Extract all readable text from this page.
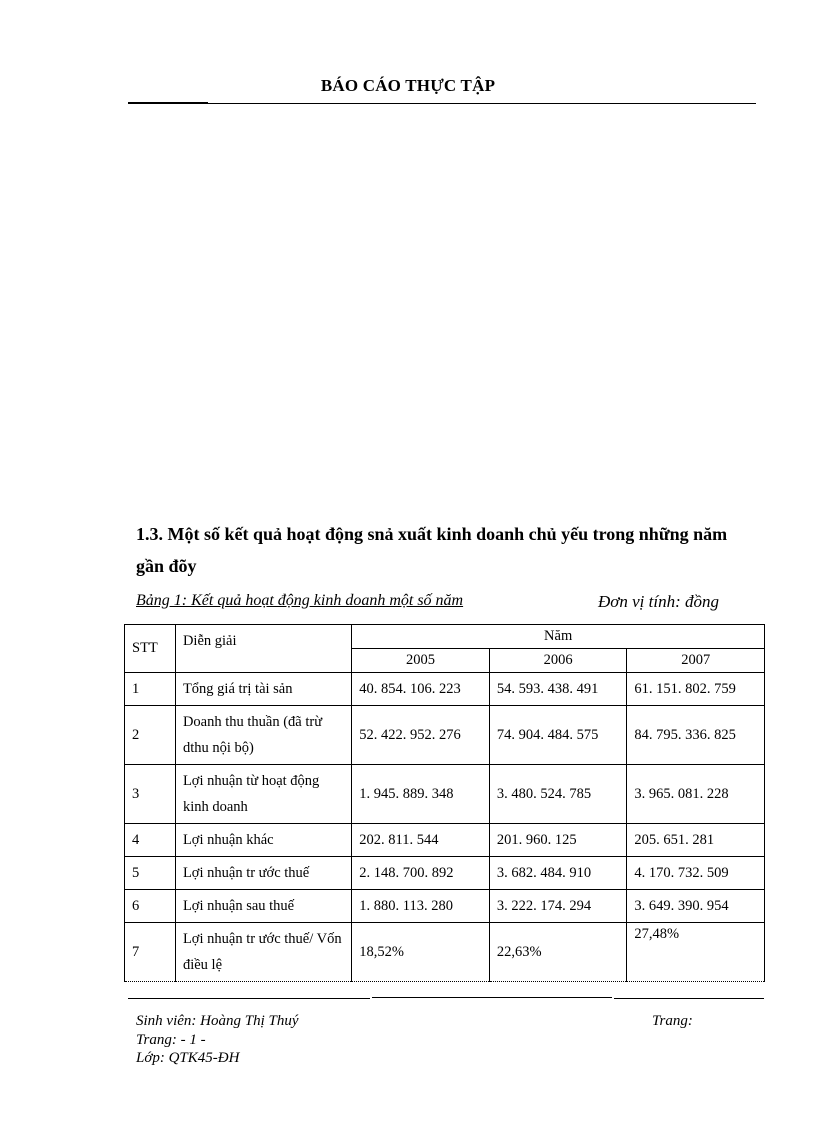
BÁO CÁO THỰC TẬP
1.3. Một số kết quả hoạt động snả xuất kinh doanh chủ yếu trong những năm gần đõy
Bảng 1: Kết quả hoạt động kinh doanh một số năm	Đơn vị tính: đồng
STT	Diễn giải	Năm		
		2005	2006	2007
1	Tổng giá trị tài sản	40. 854. 106. 223	54. 593. 438. 491	61. 151. 802. 759
2	Doanh thu thuần (đã trừ dthu nội bộ)	52. 422. 952. 276	74. 904. 484. 575	84. 795. 336. 825
3	Lợi nhuận từ hoạt động kinh doanh	1. 945. 889. 348	3. 480. 524. 785	3. 965. 081. 228
4	Lợi nhuận khác	202. 811. 544	201. 960. 125	205. 651. 281
5	Lợi nhuận tr ước thuế	2. 148. 700. 892	3. 682. 484. 910	4. 170. 732. 509
6	Lợi nhuận sau thuế	1. 880. 113. 280	3. 222. 174. 294	3. 649. 390. 954
7	Lợi nhuận tr ước thuế/ Vốn điều lệ	18,52%	22,63%	27,48%
Sinh viên: Hoàng Thị Thuý	Trang:
Trang: - 1 -
Lớp: QTK45-ĐH
